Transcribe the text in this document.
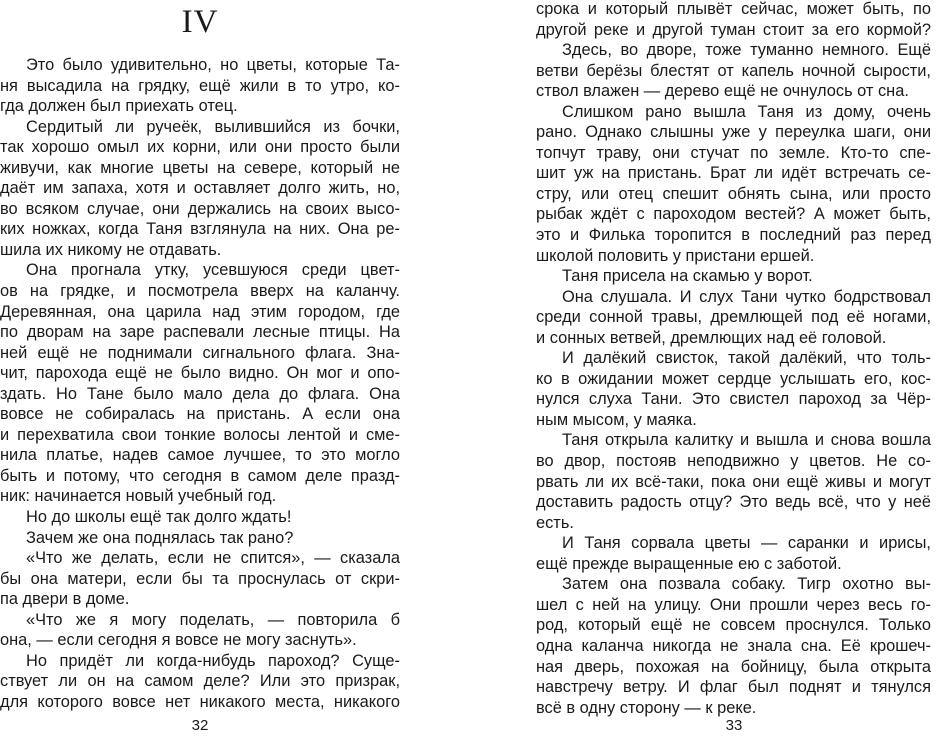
IV
Это было удивительно, но цветы, которые Та-
ня высадила на грядку, ещё жили в то утро, ко-
гда должен был приехать отец.
Сердитый ли ручеёк, вылившийся из бочки,
так хорошо омыл их корни, или они просто были
живучи, как многие цветы на севере, который не
даёт им запаха, хотя и оставляет долго жить, но,
во всяком случае, они держались на своих высо-
ких ножках, когда Таня взглянула на них. Она ре-
шила их никому не отдавать.
Она прогнала утку, усевшуюся среди цвет-
ов на грядке, и посмотрела вверх на каланчу.
Деревянная, она царила над этим городом, где
по дворам на заре распевали лесные птицы. На
ней ещё не поднимали сигнального флага. Зна-
чит, парохода ещё не было видно. Он мог и опо-
здать. Но Тане было мало дела до флага. Она
вовсе не собиралась на пристань. А если она
и перехватила свои тонкие волосы лентой и сме-
нила платье, надев самое лучшее, то это могло
быть и потому, что сегодня в самом деле празд-
ник: начинается новый учебный год.
Но до школы ещё так долго ждать!
Зачем же она поднялась так рано?
«Что же делать, если не спится», — сказала
бы она матери, если бы та проснулась от скри-
па двери в доме.
«Что же я могу поделать, — повторила б
она, — если сегодня я вовсе не могу заснуть».
Но придёт ли когда-нибудь пароход? Суще-
ствует ли он на самом деле? Или это призрак,
для которого вовсе нет никакого места, никакого
32
срока и который плывёт сейчас, может быть, по
другой реке и другой туман стоит за его кормой?
Здесь, во дворе, тоже туманно немного. Ещё
ветви берёзы блестят от капель ночной сырости,
ствол влажен — дерево ещё не очнулось от сна.
Слишком рано вышла Таня из дому, очень
рано. Однако слышны уже у переулка шаги, они
топчут траву, они стучат по земле. Кто-то спе-
шит уж на пристань. Брат ли идёт встречать се-
стру, или отец спешит обнять сына, или просто
рыбак ждёт с пароходом вестей? А может быть,
это и Филька торопится в последний раз перед
школой половить у пристани ершей.
Таня присела на скамью у ворот.
Она слушала. И слух Тани чутко бодрствовал
среди сонной травы, дремлющей под её ногами,
и сонных ветвей, дремлющих над её головой.
И далёкий свисток, такой далёкий, что толь-
ко в ожидании может сердце услышать его, кос-
нулся слуха Тани. Это свистел пароход за Чёр-
ным мысом, у маяка.
Таня открыла калитку и вышла и снова вошла
во двор, постояв неподвижно у цветов. Не со-
рвать ли их всё-таки, пока они ещё живы и могут
доставить радость отцу? Это ведь всё, что у неё
есть.
И Таня сорвала цветы — саранки и ирисы,
ещё прежде выращенные ею с заботой.
Затем она позвала собаку. Тигр охотно вы-
шел с ней на улицу. Они прошли через весь го-
род, который ещё не совсем проснулся. Только
одна каланча никогда не знала сна. Её крошеч-
ная дверь, похожая на бойницу, была открыта
навстречу ветру. И флаг был поднят и тянулся
всё в одну сторону — к реке.
33
